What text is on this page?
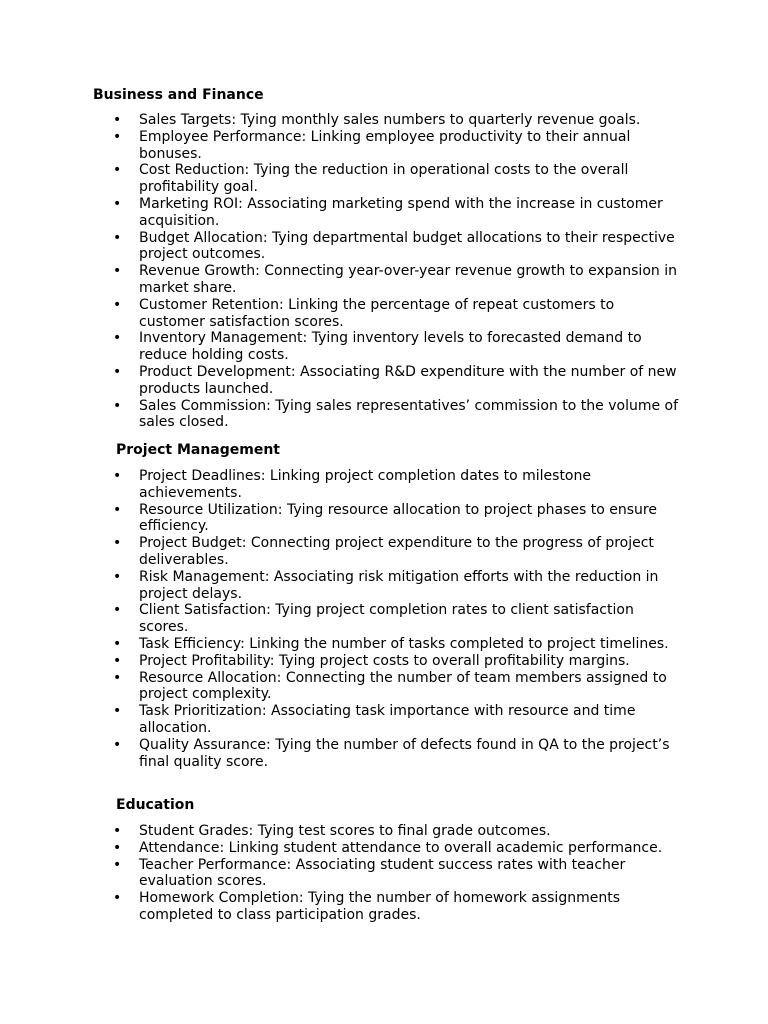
Business and Finance
•	Sales Targets: Tying monthly sales numbers to quarterly revenue goals.
•	Employee Performance: Linking employee productivity to their annual bonuses.
•	Cost Reduction: Tying the reduction in operational costs to the overall profitability goal.
•	Marketing ROI: Associating marketing spend with the increase in customer acquisition.
•	Budget Allocation: Tying departmental budget allocations to their respective project outcomes.
•	Revenue Growth: Connecting year-over-year revenue growth to expansion in market share.
•	Customer Retention: Linking the percentage of repeat customers to customer satisfaction scores.
•	Inventory Management: Tying inventory levels to forecasted demand to reduce holding costs.
•	Product Development: Associating R&D expenditure with the number of new products launched.
•	Sales Commission: Tying sales representatives’ commission to the volume of sales closed.
Project Management
•	Project Deadlines: Linking project completion dates to milestone achievements.
•	Resource Utilization: Tying resource allocation to project phases to ensure efficiency.
•	Project Budget: Connecting project expenditure to the progress of project deliverables.
•	Risk Management: Associating risk mitigation efforts with the reduction in project delays.
•	Client Satisfaction: Tying project completion rates to client satisfaction scores.
•	Task Efficiency: Linking the number of tasks completed to project timelines.
•	Project Profitability: Tying project costs to overall profitability margins.
•	Resource Allocation: Connecting the number of team members assigned to project complexity.
•	Task Prioritization: Associating task importance with resource and time allocation.
•	Quality Assurance: Tying the number of defects found in QA to the project’s final quality score.
Education
•	Student Grades: Tying test scores to final grade outcomes.
•	Attendance: Linking student attendance to overall academic performance.
•	Teacher Performance: Associating student success rates with teacher evaluation scores.
•	Homework Completion: Tying the number of homework assignments completed to class participation grades.
